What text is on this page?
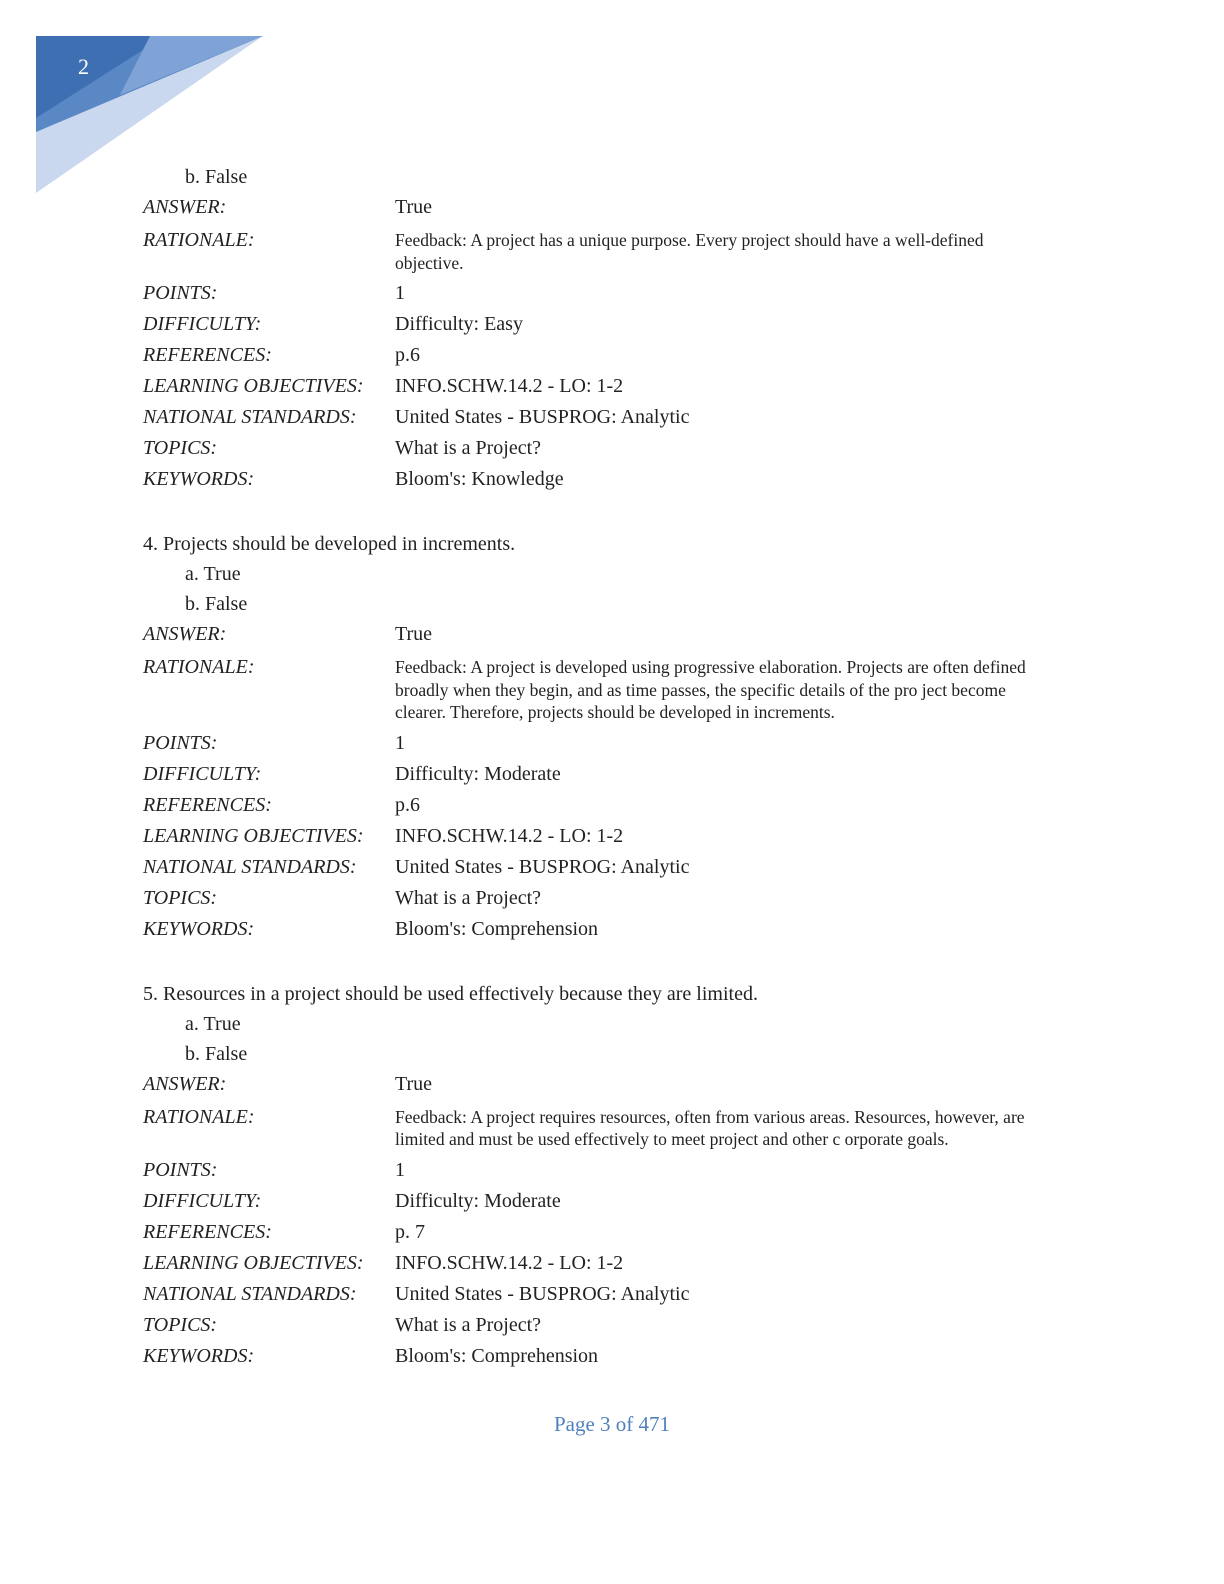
2
b. False
ANSWER:	True
RATIONALE:	Feedback: A project has a unique purpose. Every project should have a well-defined objective.
POINTS:	1
DIFFICULTY:	Difficulty: Easy
REFERENCES:	p.6
LEARNING OBJECTIVES:	INFO.SCHW.14.2 - LO: 1-2
NATIONAL STANDARDS:	United States - BUSPROG: Analytic
TOPICS:	What is a Project?
KEYWORDS:	Bloom's: Knowledge
4. Projects should be developed in increments.
a. True
b. False
ANSWER:	True
RATIONALE:	Feedback: A project is developed using progressive elaboration. Projects are often defined broadly when they begin, and as time passes, the specific details of the pro ject become clearer. Therefore, projects should be developed in increments.
POINTS:	1
DIFFICULTY:	Difficulty: Moderate
REFERENCES:	p.6
LEARNING OBJECTIVES:	INFO.SCHW.14.2 - LO: 1-2
NATIONAL STANDARDS:	United States - BUSPROG: Analytic
TOPICS:	What is a Project?
KEYWORDS:	Bloom's: Comprehension
5. Resources in a project should be used effectively because they are limited.
a. True
b. False
ANSWER:	True
RATIONALE:	Feedback: A project requires resources, often from various areas. Resources, however, are limited and must be used effectively to meet project and other c orporate goals.
POINTS:	1
DIFFICULTY:	Difficulty: Moderate
REFERENCES:	p. 7
LEARNING OBJECTIVES:	INFO.SCHW.14.2 - LO: 1-2
NATIONAL STANDARDS:	United States - BUSPROG: Analytic
TOPICS:	What is a Project?
KEYWORDS:	Bloom's: Comprehension
Page 3 of 471
